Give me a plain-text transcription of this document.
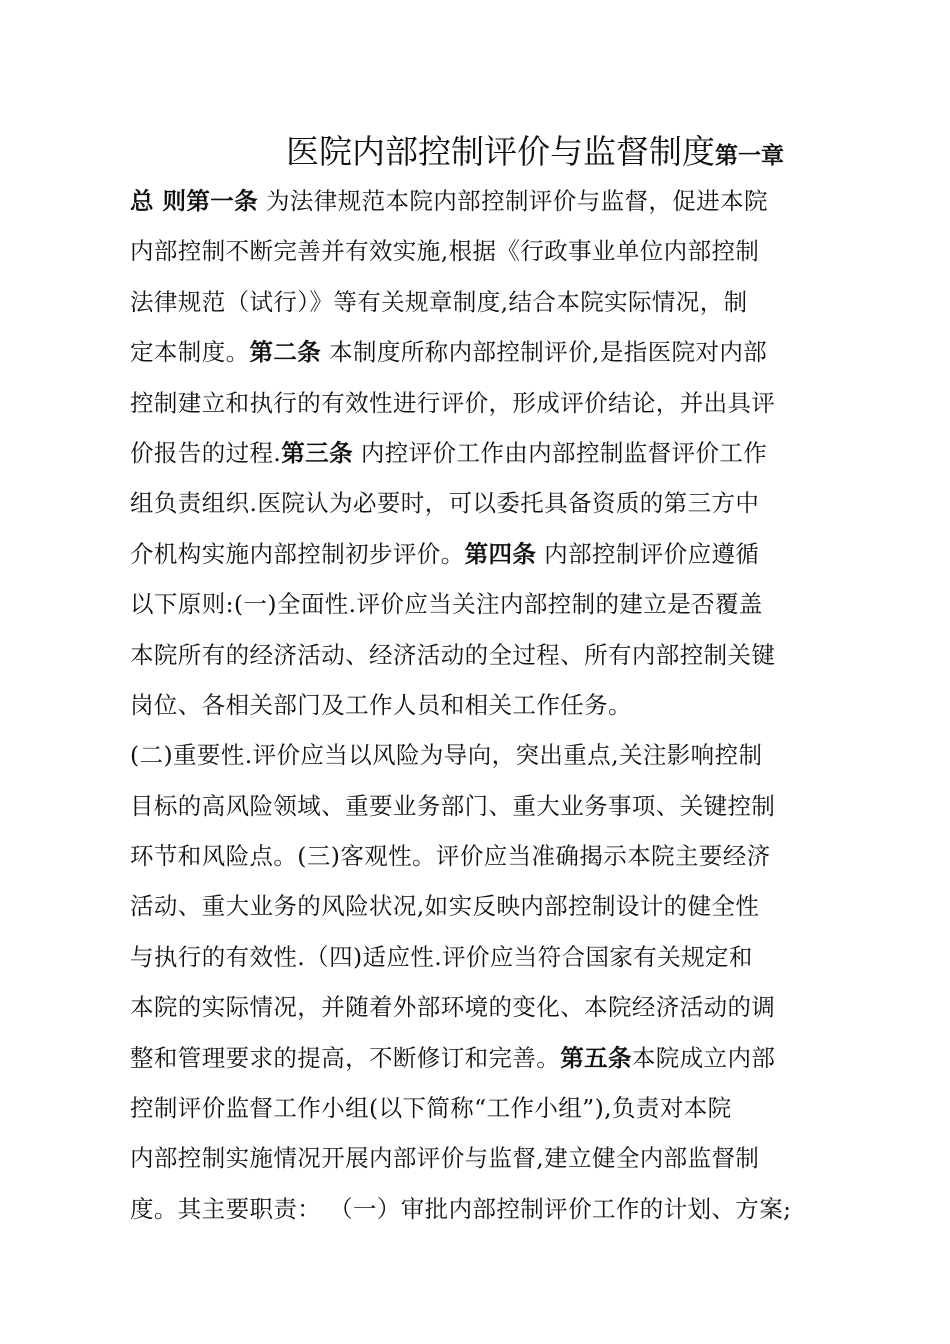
医院内部控制评价与监督制度第一章
总 则第一条 为法律规范本院内部控制评价与监督，促进本院
内部控制不断完善并有效实施,根据《行政事业单位内部控制
法律规范（试行）》等有关规章制度,结合本院实际情况，制
定本制度。第二条 本制度所称内部控制评价,是指医院对内部
控制建立和执行的有效性进行评价，形成评价结论，并出具评
价报告的过程.第三条 内控评价工作由内部控制监督评价工作
组负责组织.医院认为必要时，可以委托具备资质的第三方中
介机构实施内部控制初步评价。第四条 内部控制评价应遵循
以下原则:(一)全面性.评价应当关注内部控制的建立是否覆盖
本院所有的经济活动、经济活动的全过程、所有内部控制关键
岗位、各相关部门及工作人员和相关工作任务。
(二)重要性.评价应当以风险为导向，突出重点,关注影响控制
目标的高风险领域、重要业务部门、重大业务事项、关键控制
环节和风险点。(三)客观性。评价应当准确揭示本院主要经济
活动、重大业务的风险状况,如实反映内部控制设计的健全性
与执行的有效性.（四)适应性.评价应当符合国家有关规定和
本院的实际情况，并随着外部环境的变化、本院经济活动的调
整和管理要求的提高，不断修订和完善。第五条本院成立内部
控制评价监督工作小组(以下简称“工作小组”),负责对本院
内部控制实施情况开展内部评价与监督,建立健全内部监督制
度。其主要职责： （一）审批内部控制评价工作的计划、方案;
